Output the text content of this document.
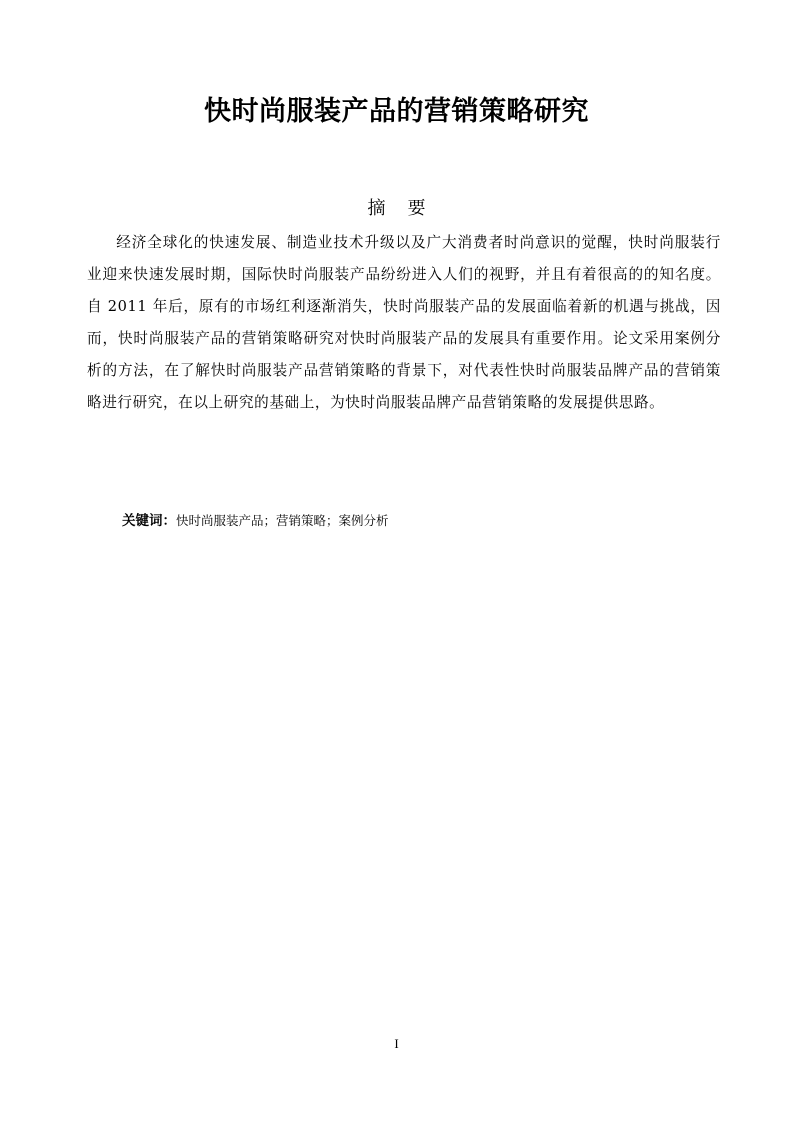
快时尚服装产品的营销策略研究
摘 要
经济全球化的快速发展、制造业技术升级以及广大消费者时尚意识的觉醒，快时尚服装行业迎来快速发展时期，国际快时尚服装产品纷纷进入人们的视野，并且有着很高的的知名度。自 2011 年后，原有的市场红利逐渐消失，快时尚服装产品的发展面临着新的机遇与挑战，因而，快时尚服装产品的营销策略研究对快时尚服装产品的发展具有重要作用。论文采用案例分析的方法，在了解快时尚服装产品营销策略的背景下，对代表性快时尚服装品牌产品的营销策略进行研究，在以上研究的基础上，为快时尚服装品牌产品营销策略的发展提供思路。
关键词：快时尚服装产品；营销策略；案例分析
I
